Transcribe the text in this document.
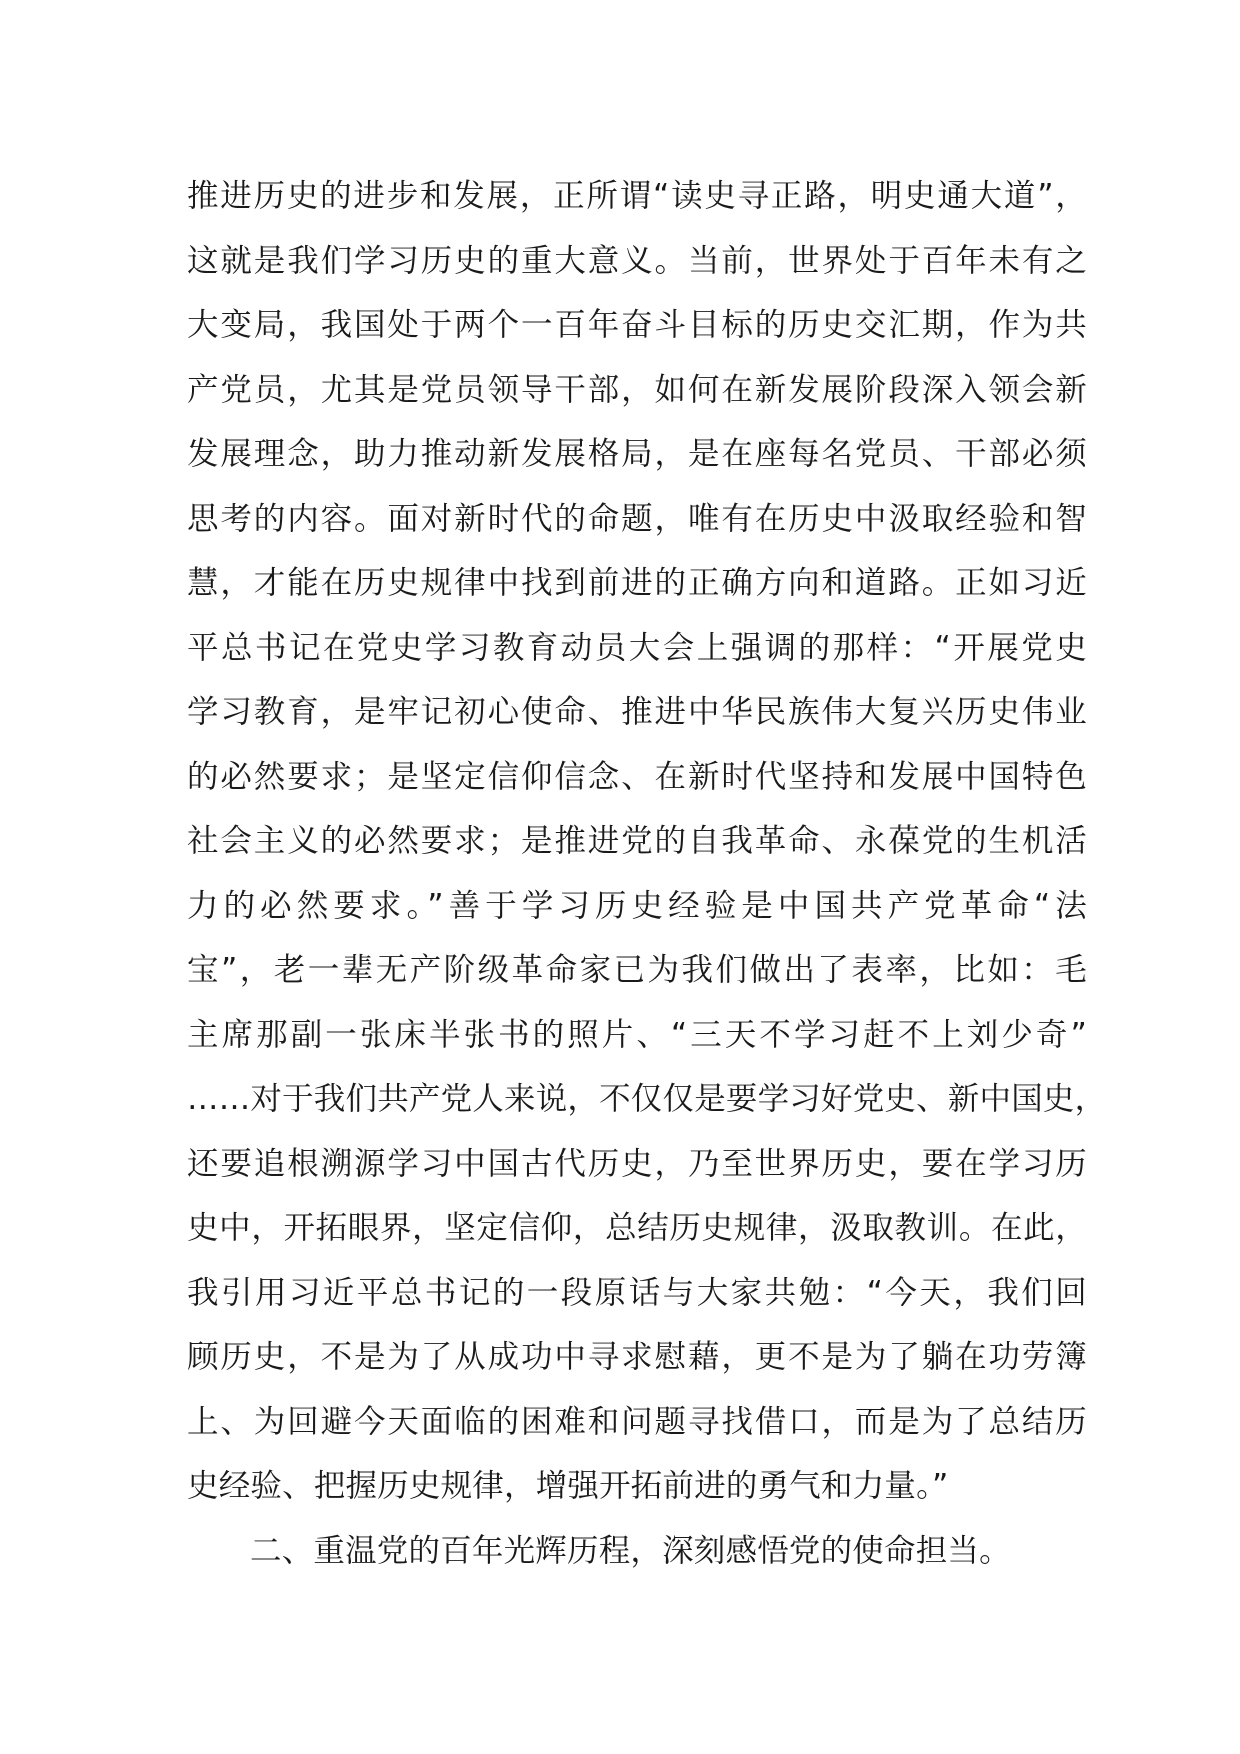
推进历史的进步和发展，正所谓“读史寻正路，明史通大道”，
这就是我们学习历史的重大意义。当前，世界处于百年未有之
大变局，我国处于两个一百年奋斗目标的历史交汇期，作为共
产党员，尤其是党员领导干部，如何在新发展阶段深入领会新
发展理念，助力推动新发展格局，是在座每名党员、干部必须
思考的内容。面对新时代的命题，唯有在历史中汲取经验和智
慧，才能在历史规律中找到前进的正确方向和道路。正如习近
平总书记在党史学习教育动员大会上强调的那样：“开展党史
学习教育，是牢记初心使命、推进中华民族伟大复兴历史伟业
的必然要求；是坚定信仰信念、在新时代坚持和发展中国特色
社会主义的必然要求；是推进党的自我革命、永葆党的生机活
力的必然要求。”善于学习历史经验是中国共产党革命“法
宝”，老一辈无产阶级革命家已为我们做出了表率，比如：毛
主席那副一张床半张书的照片、“三天不学习赶不上刘少奇”
……对于我们共产党人来说，不仅仅是要学习好党史、新中国史，
还要追根溯源学习中国古代历史，乃至世界历史，要在学习历
史中，开拓眼界，坚定信仰，总结历史规律，汲取教训。在此，
我引用习近平总书记的一段原话与大家共勉：“今天，我们回
顾历史，不是为了从成功中寻求慰藉，更不是为了躺在功劳簿
上、为回避今天面临的困难和问题寻找借口，而是为了总结历
史经验、把握历史规律，增强开拓前进的勇气和力量。”
二、重温党的百年光辉历程，深刻感悟党的使命担当。
